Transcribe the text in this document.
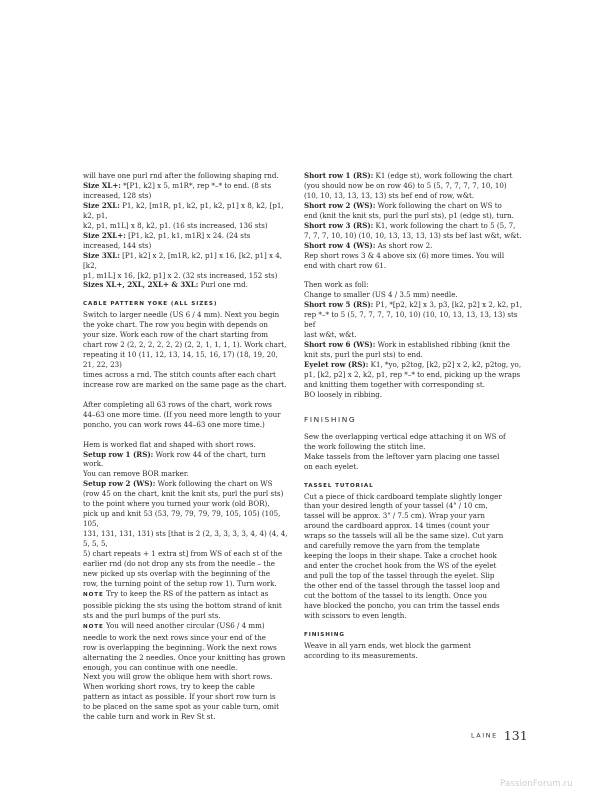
will have one purl rnd after the following shaping rnd.

Size XL+: *[P1, k2] x 5, m1R*, rep *–* to end. (8 sts
increased, 128 sts)

Size 2XL: P1, k2, [m1R, p1, k2, p1, k2, p1] x 8, k2, [p1, k2, p1,
k2, p1, m1L] x 8, k2, p1. (16 sts increased, 136 sts)

Size 2XL+: [P1, k2, p1, k1, m1R] x 24. (24 sts increased, 144 sts)

Size 3XL: [P1, k2] x 2, [m1R, k2, p1] x 16, [k2, p1] x 4, [k2,
p1, m1L] x 16, [k2, p1] x 2. (32 sts increased, 152 sts)

Sizes XL+, 2XL, 2XL+ & 3XL: Purl one rnd.

CABLE PATTERN YOKE (ALL SIZES)

Switch to larger needle (US 6 / 4 mm). Next you begin
the yoke chart. The row you begin with depends on
your size. Work each row of the chart starting from
chart row 2 (2, 2, 2, 2, 2, 2) (2, 2, 1, 1, 1, 1). Work chart,
repeating it 10 (11, 12, 13, 14, 15, 16, 17) (18, 19, 20, 21, 22, 23)
times across a rnd. The stitch counts after each chart
increase row are marked on the same page as the chart.

After completing all 63 rows of the chart, work rows
44–63 one more time. (If you need more length to your
poncho, you can work rows 44–63 one more time.)

Hem is worked flat and shaped with short rows.

Setup row 1 (RS): Work row 44 of the chart, turn work.
You can remove BOR marker.

Setup row 2 (WS): Work following the chart on WS
(row 45 on the chart, knit the knit sts, purl the purl sts)
to the point where you turned your work (old BOR),
pick up and knit 53 (53, 79, 79, 79, 79, 105, 105) (105, 105,
131, 131, 131, 131) sts [that is 2 (2, 3, 3, 3, 3, 4, 4) (4, 4, 5, 5, 5,
5) chart repeats + 1 extra st] from WS of each st of the
earlier rnd (do not drop any sts from the needle – the
new picked up sts overlap with the beginning of the
row, the turning point of the setup row 1). Turn work.

NOTE Try to keep the RS of the pattern as intact as
possible picking the sts using the bottom strand of knit
sts and the purl bumps of the purl sts.

NOTE You will need another circular (US6 / 4 mm)
needle to work the next rows since your end of the
row is overlapping the beginning. Work the next rows
alternating the 2 needles. Once your knitting has grown
enough, you can continue with one needle.
Next you will grow the oblique hem with short rows.
When working short rows, try to keep the cable
pattern as intact as possible. If your short row turn is
to be placed on the same spot as your cable turn, omit
the cable turn and work in Rev St st.

Short row 1 (RS): K1 (edge st), work following the chart
(you should now be on row 46) to 5 (5, 7, 7, 7, 7, 10, 10)
(10, 10, 13, 13, 13, 13) sts bef end of row, w&t.

Short row 2 (WS): Work following the chart on WS to
end (knit the knit sts, purl the purl sts), p1 (edge st), turn.

Short row 3 (RS): K1, work following the chart to 5 (5, 7,
7, 7, 7, 10, 10) (10, 10, 13, 13, 13, 13) sts bef last w&t, w&t.

Short row 4 (WS): As short row 2.

Rep short rows 3 & 4 above six (6) more times. You will
end with chart row 61.

Then work as foll:
Change to smaller (US 4 / 3.5 mm) needle.

Short row 5 (RS): P1, *[p2, k2] x 3, p3, [k2, p2] x 2, k2, p1,
rep *–* to 5 (5, 7, 7, 7, 7, 10, 10) (10, 10, 13, 13, 13, 13) sts bef
last w&t, w&t.

Short row 6 (WS): Work in established ribbing (knit the
knit sts, purl the purl sts) to end.

Eyelet row (RS): K1, *yo, p2tog, [k2, p2] x 2, k2, p2tog, yo,
p1, [k2, p2] x 2, k2, p1, rep *–* to end, picking up the wraps
and knitting them together with corresponding st.
BO loosely in ribbing.

FINISHING

Sew the overlapping vertical edge attaching it on WS of
the work following the stitch line.
Make tassels from the leftover yarn placing one tassel
on each eyelet.

TASSEL TUTORIAL

Cut a piece of thick cardboard template slightly longer
than your desired length of your tassel (4" / 10 cm,
tassel will be approx. 3" / 7.5 cm). Wrap your yarn
around the cardboard approx. 14 times (count your
wraps so the tassels will all be the same size). Cut yarn
and carefully remove the yarn from the template
keeping the loops in their shape. Take a crochet hook
and enter the crochet hook from the WS of the eyelet
and pull the top of the tassel through the eyelet. Slip
the other end of the tassel through the tassel loop and
cut the bottom of the tassel to its length. Once you
have blocked the poncho, you can trim the tassel ends
with scissors to even length.

FINISHING

Weave in all yarn ends, wet block the garment
according to its measurements.

LAINE 131
PassionForum.ru
